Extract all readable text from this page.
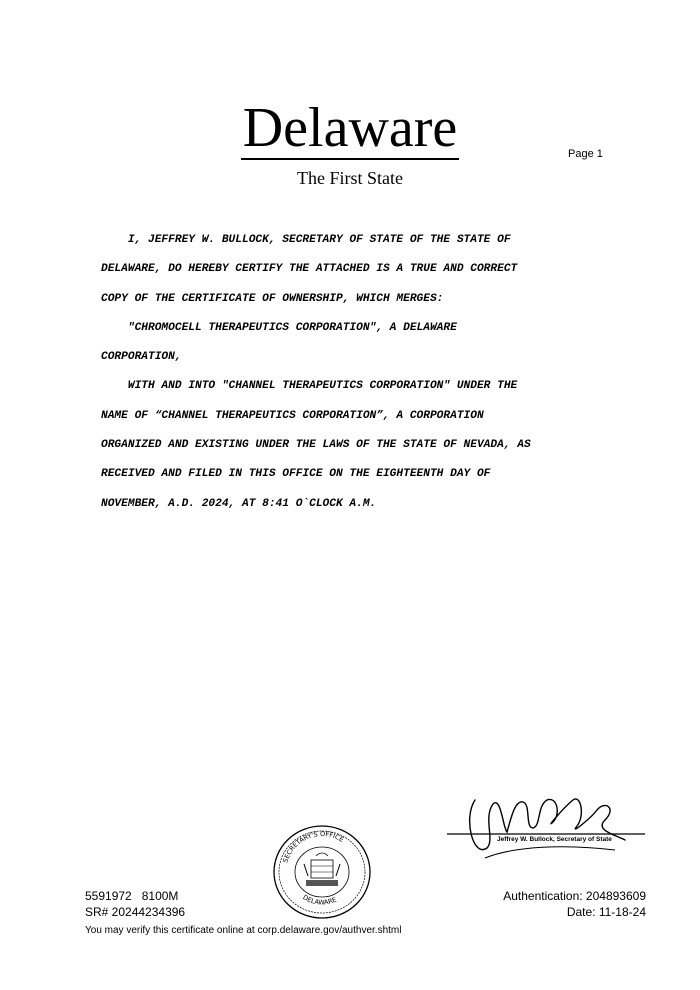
Delaware
The First State
Page 1

I, JEFFREY W. BULLOCK, SECRETARY OF STATE OF THE STATE OF

DELAWARE, DO HEREBY CERTIFY THE ATTACHED IS A TRUE AND CORRECT

COPY OF THE CERTIFICATE OF OWNERSHIP, WHICH MERGES:

"CHROMOCELL THERAPEUTICS CORPORATION", A DELAWARE

CORPORATION,

WITH AND INTO "CHANNEL THERAPEUTICS CORPORATION" UNDER THE

NAME OF “CHANNEL THERAPEUTICS CORPORATION”, A CORPORATION

ORGANIZED AND EXISTING UNDER THE LAWS OF THE STATE OF NEVADA, AS

RECEIVED AND FILED IN THIS OFFICE ON THE EIGHTEENTH DAY OF

NOVEMBER, A.D. 2024, AT 8:41 O`CLOCK A.M.

Jeffrey W. Bullock, Secretary of State
SECRETARY'S OFFICE
DELAWARE
5591972   8100M
SR# 20244234396
Authentication: 204893609
Date: 11-18-24
You may verify this certificate online at corp.delaware.gov/authver.shtml
